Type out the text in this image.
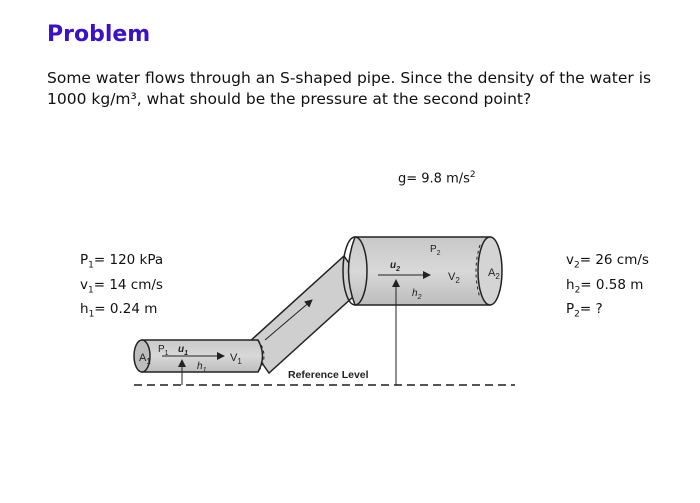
Problem
Some water flows through an S-shaped pipe. Since the density of the water is 1000 kg/m³, what should be the pressure at the second point?
g= 9.8 $m/s^2$
$P_1= 120$ kPa
$v_1= 14$ cm/s
$h_1= 0.24$ m
$v_2= 26$ cm/s
$h_2= 0.58$ m
$P_2=$ ?
$A_1$
$P_1$ $u_1$
$h_1$
$V_1$
$P_2$
$u_2$
$h_2$
$V_2$
$A_2$
Reference Level
